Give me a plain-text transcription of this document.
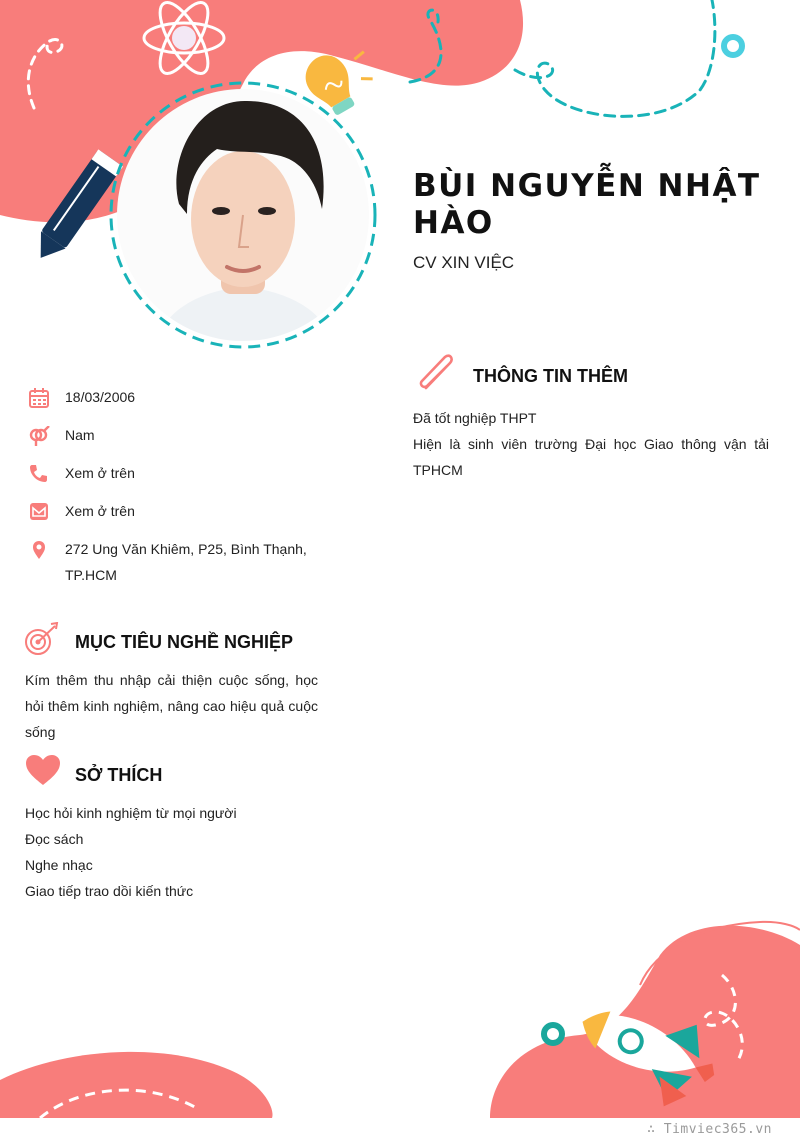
BÙI NGUYỄN NHẬT
HÀO
CV XIN VIỆC
18/03/2006
Nam
Xem ở trên
Xem ở trên
272 Ung Văn Khiêm, P25, Bình Thạnh, TP.HCM
MỤC TIÊU NGHỀ NGHIỆP
Kím thêm thu nhập cải thiện cuộc sống, học hỏi thêm kinh nghiệm, nâng cao hiệu quả cuộc sống
SỞ THÍCH
Học hỏi kinh nghiệm từ mọi người
Đọc sách
Nghe nhạc
Giao tiếp trao dồi kiến thức
THÔNG TIN THÊM
Đã tốt nghiệp THPT
Hiện là sinh viên trường Đại học Giao thông vận tải TPHCM
∴ Timviec365.vn
